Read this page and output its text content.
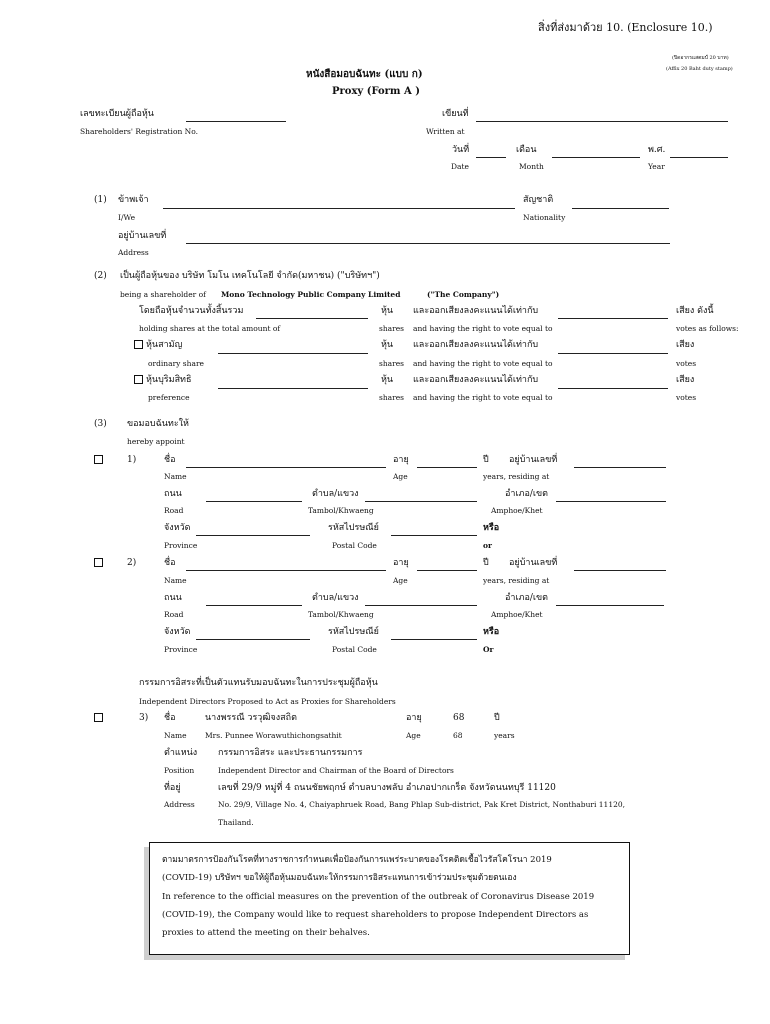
สิ่งที่ส่งมาด้วย 10. (Enclosure 10.)
(ปิดอากรแสตมป์ 20 บาท)
(Affix 20 Baht duty stamp)
หนังสือมอบฉันทะ (แบบ ก)
Proxy (Form A )
เลขทะเบียนผู้ถือหุ้น
Shareholders' Registration No.
เขียนที่
Written at
วันที่
Date
เดือน
Month
พ.ศ.
Year
(1) ข้าพเจ้า
I/We
สัญชาติ
Nationality
อยู่บ้านเลขที่
Address
(2) เป็นผู้ถือหุ้นของ บริษัท โมโน เทคโนโลยี จำกัด(มหาชน) ("บริษัทฯ")
being a shareholder of Mono Technology Public Company Limited	("The Company")
โดยถือหุ้นจำนวนทั้งสิ้นรวม	หุ้น และออกเสียงลงคะแนนได้เท่ากับ	เสียง ดังนี้
holding shares at the total amount of	shares and having the right to vote equal to	votes as follows:
หุ้นสามัญ	หุ้น และออกเสียงลงคะแนนได้เท่ากับ	เสียง
ordinary share	shares and having the right to vote equal to	votes
หุ้นบุริมสิทธิ	หุ้น และออกเสียงลงคะแนนได้เท่ากับ	เสียง
preference	shares and having the right to vote equal to	votes
(3) ขอมอบฉันทะให้
hereby appoint
1)	ชื่อ	อายุ	ปี อยู่บ้านเลขที่
Name	Age	years, residing at
ถนน	ตำบล/แขวง	อำเภอ/เขต
Road	Tambol/Khwaeng	Amphoe/Khet
จังหวัด	รหัสไปรษณีย์	หรือ
Province	Postal Code	or
2)	ชื่อ	อายุ	ปี อยู่บ้านเลขที่
Name	Age	years, residing at
ถนน	ตำบล/แขวง	อำเภอ/เขต
Road	Tambol/Khwaeng	Amphoe/Khet
จังหวัด	รหัสไปรษณีย์	หรือ
Province	Postal Code	Or
กรรมการอิสระที่เป็นตัวแทนรับมอบฉันทะในการประชุมผู้ถือหุ้น
Independent Directors Proposed to Act as Proxies for Shareholders
3) ชื่อ	นางพรรณี วรวุฒิจงสถิต	อายุ	68	ปี
Name Mrs. Punnee Worawuthichongsathit	Age	68	years
ตำแหน่ง กรรมการอิสระ และประธานกรรมการ
Position	Independent Director and Chairman of the Board of Directors
ที่อยู่	เลขที่ 29/9 หมู่ที่ 4 ถนนชัยพฤกษ์ ตำบลบางพลับ อำเภอปากเกร็ด จังหวัดนนทบุรี 11120
Address	No. 29/9, Village No. 4, Chaiyaphruek Road, Bang Phlap Sub-district, Pak Kret District, Nonthaburi 11120,
Thailand.
ตามมาตรการป้องกันโรคที่ทางราชการกำหนดเพื่อป้องกันการแพร่ระบาดของโรคติดเชื้อไวรัสโคโรนา 2019
(COVID-19) บริษัทฯ ขอให้ผู้ถือหุ้นมอบฉันทะให้กรรมการอิสระแทนการเข้าร่วมประชุมด้วยตนเอง
In reference to the official measures on the prevention of the outbreak of Coronavirus Disease 2019
(COVID-19), the Company would like to request shareholders to propose Independent Directors as
proxies to attend the meeting on their behalves.
